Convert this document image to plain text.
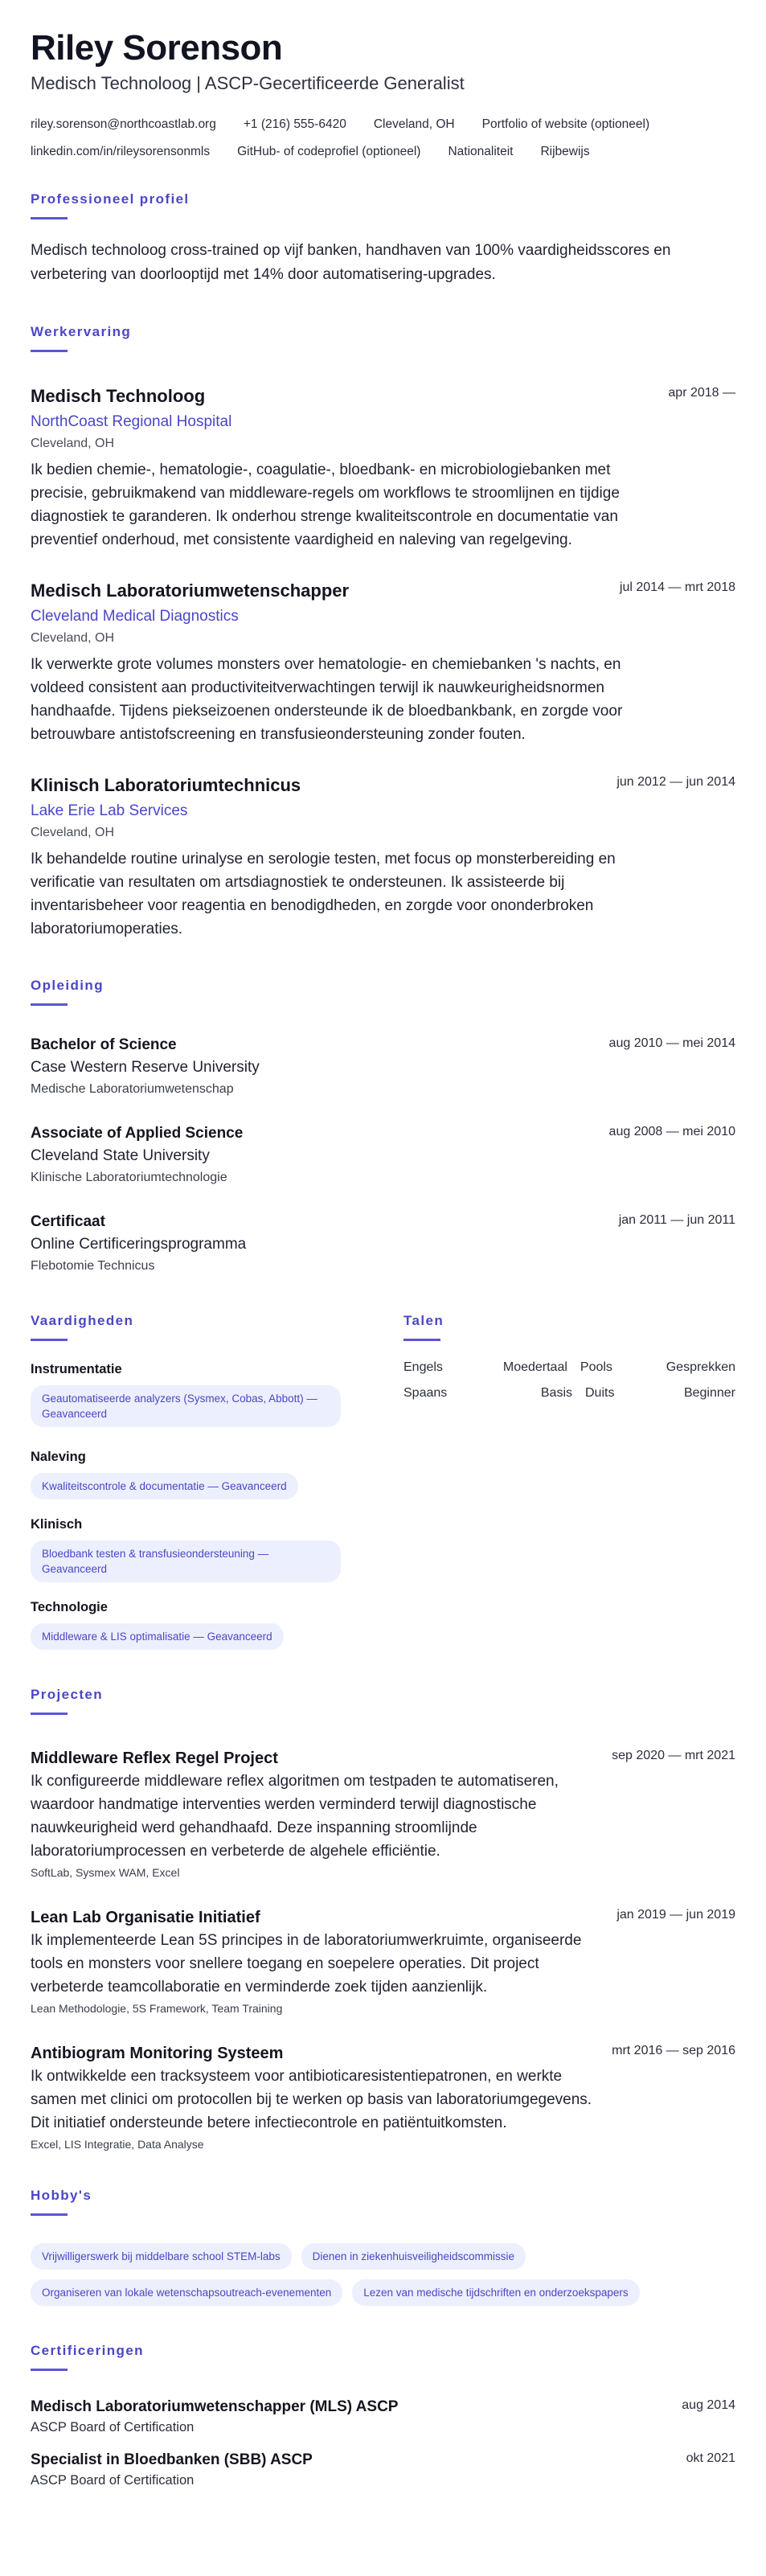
Riley Sorenson
Medisch Technoloog | ASCP-Gecertificeerde Generalist
riley.sorenson@northcoastlab.org +1 (216) 555-6420 Cleveland, OH Portfolio of website (optioneel)
linkedin.com/in/rileysorensonmls GitHub- of codeprofiel (optioneel) Nationaliteit Rijbewijs
Professioneel profiel
Medisch technoloog cross-trained op vijf banken, handhaven van 100% vaardigheidsscores en verbetering van doorlooptijd met 14% door automatisering-upgrades.
Werkervaring
Medisch Technoloog	apr 2018 —
NorthCoast Regional Hospital
Cleveland, OH
Ik bedien chemie-, hematologie-, coagulatie-, bloedbank- en microbiologiebanken met precisie, gebruikmakend van middleware-regels om workflows te stroomlijnen en tijdige diagnostiek te garanderen. Ik onderhou strenge kwaliteitscontrole en documentatie van preventief onderhoud, met consistente vaardigheid en naleving van regelgeving.
Medisch Laboratoriumwetenschapper	jul 2014 — mrt 2018
Cleveland Medical Diagnostics
Cleveland, OH
Ik verwerkte grote volumes monsters over hematologie- en chemiebanken 's nachts, en voldeed consistent aan productiviteitverwachtingen terwijl ik nauwkeurigheidsnormen handhaafde. Tijdens piekseizoenen ondersteunde ik de bloedbankbank, en zorgde voor betrouwbare antistofscreening en transfusieondersteuning zonder fouten.
Klinisch Laboratoriumtechnicus	jun 2012 — jun 2014
Lake Erie Lab Services
Cleveland, OH
Ik behandelde routine urinalyse en serologie testen, met focus op monsterbereiding en verificatie van resultaten om artsdiagnostiek te ondersteunen. Ik assisteerde bij inventarisbeheer voor reagentia en benodigdheden, en zorgde voor ononderbroken laboratoriumoperaties.
Opleiding
Bachelor of Science	aug 2010 — mei 2014
Case Western Reserve University
Medische Laboratoriumwetenschap
Associate of Applied Science	aug 2008 — mei 2010
Cleveland State University
Klinische Laboratoriumtechnologie
Certificaat	jan 2011 — jun 2011
Online Certificeringsprogramma
Flebotomie Technicus
Vaardigheden
Instrumentatie
Geautomatiseerde analyzers (Sysmex, Cobas, Abbott) — Geavanceerd
Naleving
Kwaliteitscontrole & documentatie — Geavanceerd
Klinisch
Bloedbank testen & transfusieondersteuning — Geavanceerd
Technologie
Middleware & LIS optimalisatie — Geavanceerd
Talen
Engels	Moedertaal	Pools	Gesprekken
Spaans	Basis	Duits	Beginner
Projecten
Middleware Reflex Regel Project	sep 2020 — mrt 2021
Ik configureerde middleware reflex algoritmen om testpaden te automatiseren, waardoor handmatige interventies werden verminderd terwijl diagnostische nauwkeurigheid werd gehandhaafd. Deze inspanning stroomlijnde laboratoriumprocessen en verbeterde de algehele efficiëntie.
SoftLab, Sysmex WAM, Excel
Lean Lab Organisatie Initiatief	jan 2019 — jun 2019
Ik implementeerde Lean 5S principes in de laboratoriumwerkruimte, organiseerde tools en monsters voor snellere toegang en soepelere operaties. Dit project verbeterde teamcollaboratie en verminderde zoek tijden aanzienlijk.
Lean Methodologie, 5S Framework, Team Training
Antibiogram Monitoring Systeem	mrt 2016 — sep 2016
Ik ontwikkelde een tracksysteem voor antibioticaresistentiepatronen, en werkte samen met clinici om protocollen bij te werken op basis van laboratoriumgegevens. Dit initiatief ondersteunde betere infectiecontrole en patiëntuitkomsten.
Excel, LIS Integratie, Data Analyse
Hobby's
Vrijwilligerswerk bij middelbare school STEM-labs	Dienen in ziekenhuisveiligheidscommissie
Organiseren van lokale wetenschapsoutreach-evenementen	Lezen van medische tijdschriften en onderzoekspapers
Certificeringen
Medisch Laboratoriumwetenschapper (MLS) ASCP	aug 2014
ASCP Board of Certification
Specialist in Bloedbanken (SBB) ASCP	okt 2021
ASCP Board of Certification
